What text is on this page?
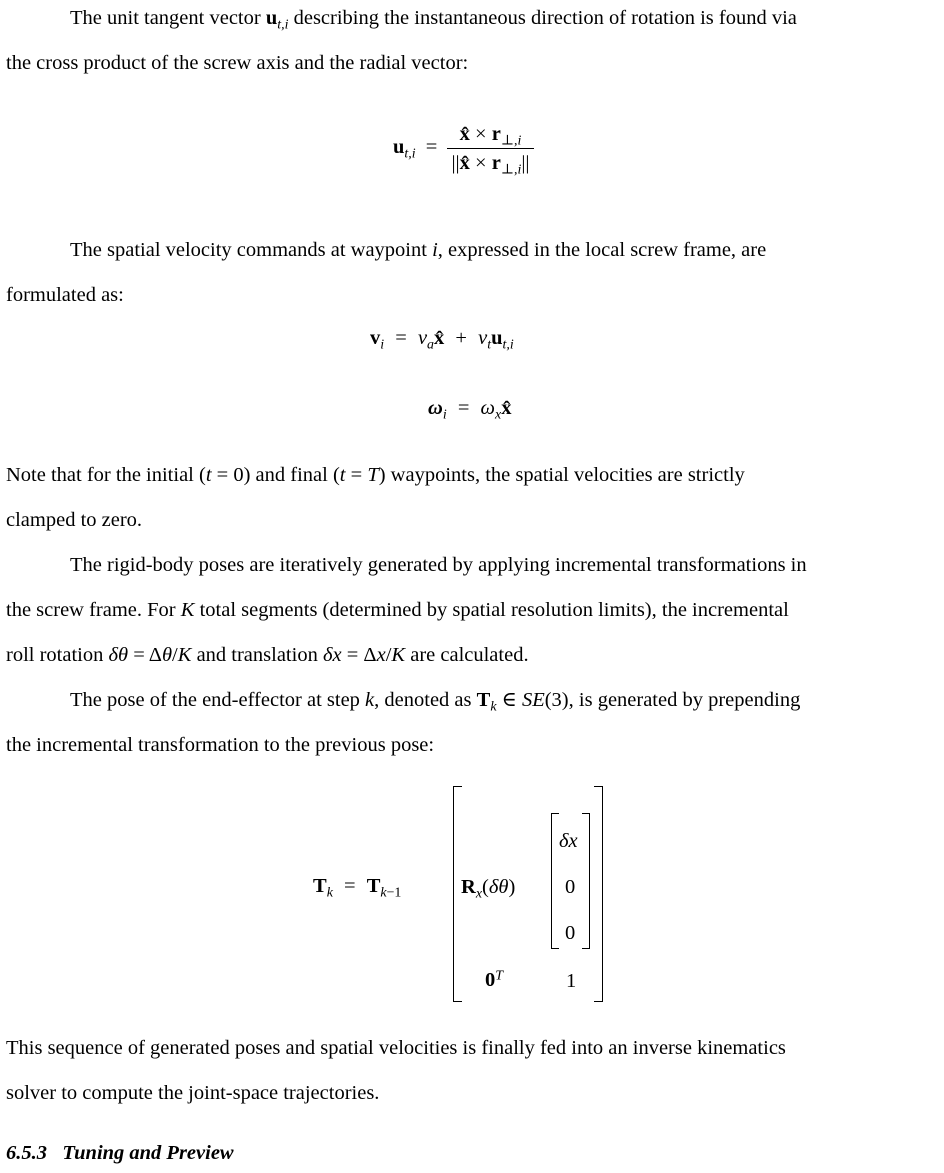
The unit tangent vector $u_{t,i}$ describing the instantaneous direction of rotation is found via
the cross product of the screw axis and the radial vector:
$u_{t,i} = \frac{x̂ \times r_{\perp,i}}{||x̂ \times r_{\perp,i}||}$
The spatial velocity commands at waypoint i, expressed in the local screw frame, are
formulated as:
$v_i$ = $v_ax̂ + v_tu_{t,i}$
$\omega_i$ = $\omega_xx̂$
Note that for the initial (t = 0) and final (t = T) waypoints, the spatial velocities are strictly
clamped to zero.
The rigid-body poses are iteratively generated by applying incremental transformations in
the screw frame. For K total segments (determined by spatial resolution limits), the incremental
roll rotation δθ = Δθ/K and translation δx = Δx/K are calculated.
The pose of the end-effector at step k, denoted as $T_k$ ∈ SE(3), is generated by prepending
the incremental transformation to the previous pose:
$T_k = T_{k-1}$	$R_x(\delta\theta)$
δx
0
0
$0^T$	1
This sequence of generated poses and spatial velocities is finally fed into an inverse kinematics
solver to compute the joint-space trajectories.
6.5.3   Tuning and Preview
